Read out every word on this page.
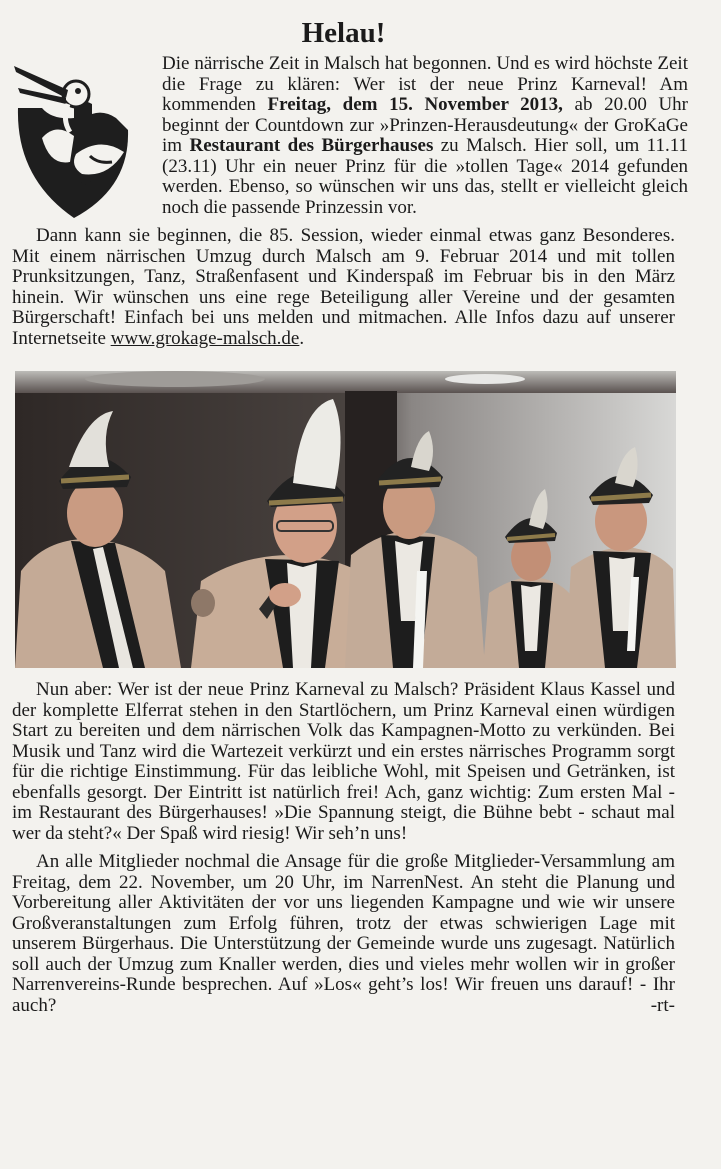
Helau!

Die närrische Zeit in Malsch hat begonnen. Und es wird höchste Zeit die Frage zu klären: Wer ist der neue Prinz Karneval! Am kommenden Freitag, dem 15. November 2013, ab 20.00 Uhr beginnt der Countdown zur »Prinzen-Herausdeutung« der GroKaGe im Restaurant des Bürgerhauses zu Malsch. Hier soll, um 11.11 (23.11) Uhr ein neuer Prinz für die »tollen Tage« 2014 gefunden werden. Ebenso, so wünschen wir uns das, stellt er vielleicht gleich noch die passende Prinzessin vor.

Dann kann sie beginnen, die 85. Session, wieder einmal etwas ganz Besonderes. Mit einem närrischen Umzug durch Malsch am 9. Februar 2014 und mit tollen Prunksitzungen, Tanz, Straßenfasent und Kinderspaß im Februar bis in den März hinein. Wir wünschen uns eine rege Beteiligung aller Vereine und der gesamten Bürgerschaft! Einfach bei uns melden und mitmachen. Alle Infos dazu auf unserer Internetseite www.grokage-malsch.de.

Nun aber: Wer ist der neue Prinz Karneval zu Malsch? Präsident Klaus Kassel und der komplette Elferrat stehen in den Startlöchern, um Prinz Karneval einen würdigen Start zu bereiten und dem närrischen Volk das Kampagnen-Motto zu verkünden. Bei Musik und Tanz wird die Wartezeit verkürzt und ein erstes närrisches Programm sorgt für die richtige Einstimmung. Für das leibliche Wohl, mit Speisen und Getränken, ist ebenfalls gesorgt. Der Eintritt ist natürlich frei! Ach, ganz wichtig: Zum ersten Mal - im Restaurant des Bürgerhauses! »Die Spannung steigt, die Bühne bebt - schaut mal wer da steht?« Der Spaß wird riesig! Wir seh’n uns!

An alle Mitglieder nochmal die Ansage für die große Mitglieder-Versammlung am Freitag, dem 22. November, um 20 Uhr, im NarrenNest. An steht die Planung und Vorbereitung aller Aktivitäten der vor uns liegenden Kampagne und wie wir unsere Großveranstaltungen zum Erfolg führen, trotz der etwas schwierigen Lage mit unserem Bürgerhaus. Die Unterstützung der Gemeinde wurde uns zugesagt. Natürlich soll auch der Umzug zum Knaller werden, dies und vieles mehr wollen wir in großer Narrenvereins-Runde besprechen. Auf »Los« geht’s los! Wir freuen uns darauf! - Ihr auch?	-rt-
